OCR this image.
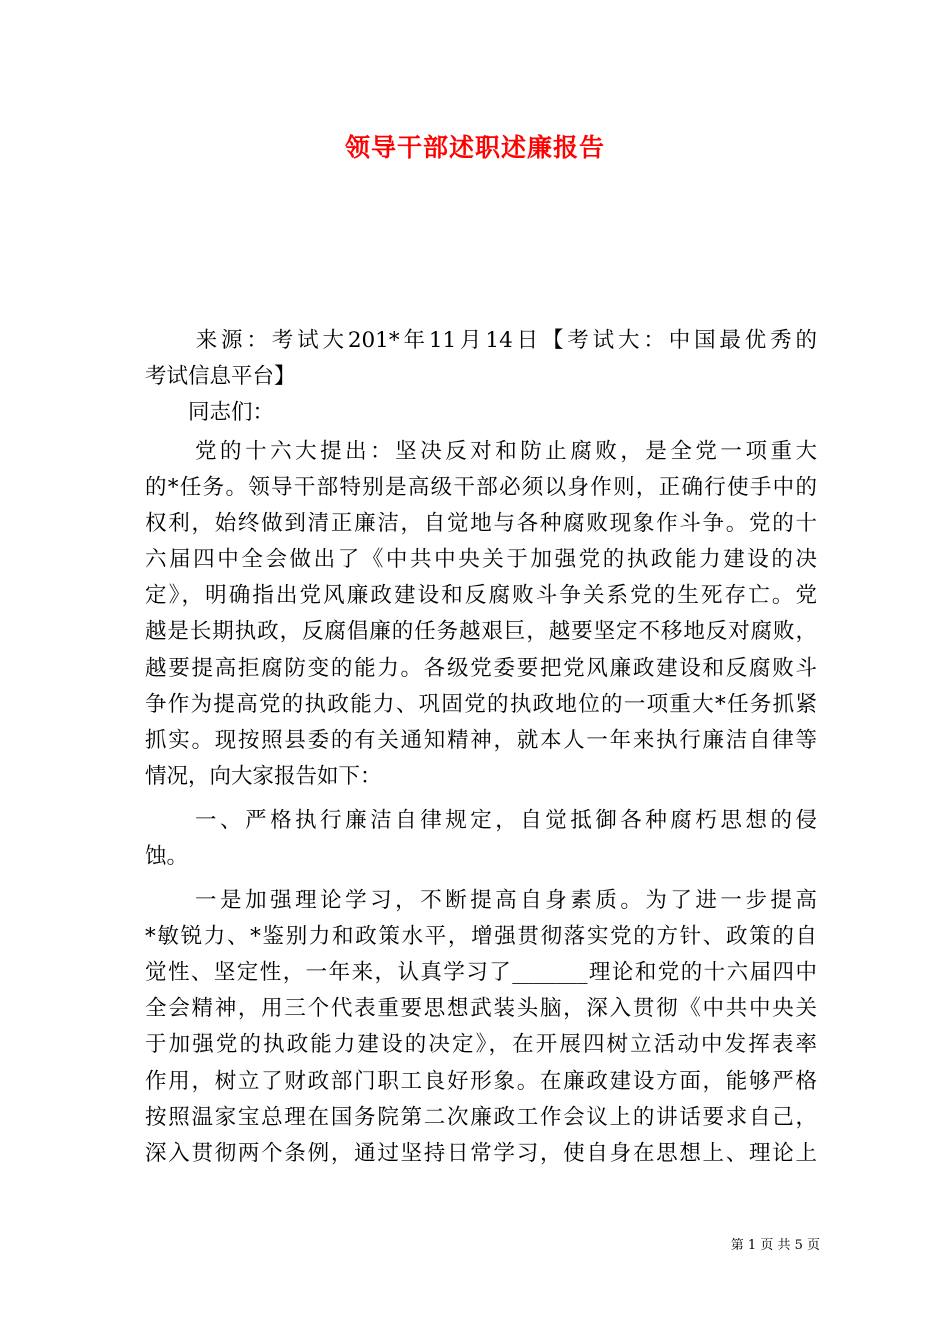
领导干部述职述廉报告
　　来源：考试大201*年11月14日【考试大：中国最优秀的
考试信息平台】
　　同志们：
　　党的十六大提出：坚决反对和防止腐败，是全党一项重大
的*任务。领导干部特别是高级干部必须以身作则，正确行使手中的
权利，始终做到清正廉洁，自觉地与各种腐败现象作斗争。党的十
六届四中全会做出了《中共中央关于加强党的执政能力建设的决
定》，明确指出党风廉政建设和反腐败斗争关系党的生死存亡。党
越是长期执政，反腐倡廉的任务越艰巨，越要坚定不移地反对腐败，
越要提高拒腐防变的能力。各级党委要把党风廉政建设和反腐败斗
争作为提高党的执政能力、巩固党的执政地位的一项重大*任务抓紧
抓实。现按照县委的有关通知精神，就本人一年来执行廉洁自律等
情况，向大家报告如下：
　　一、严格执行廉洁自律规定，自觉抵御各种腐朽思想的侵
蚀。
　　一是加强理论学习，不断提高自身素质。为了进一步提高
*敏锐力、*鉴别力和政策水平，增强贯彻落实党的方针、政策的自
觉性、坚定性，一年来，认真学习了_______理论和党的十六届四中
全会精神，用三个代表重要思想武装头脑，深入贯彻《中共中央关
于加强党的执政能力建设的决定》，在开展四树立活动中发挥表率
作用，树立了财政部门职工良好形象。在廉政建设方面，能够严格
按照温家宝总理在国务院第二次廉政工作会议上的讲话要求自己，
深入贯彻两个条例，通过坚持日常学习，使自身在思想上、理论上
第 1 页 共 5 页
